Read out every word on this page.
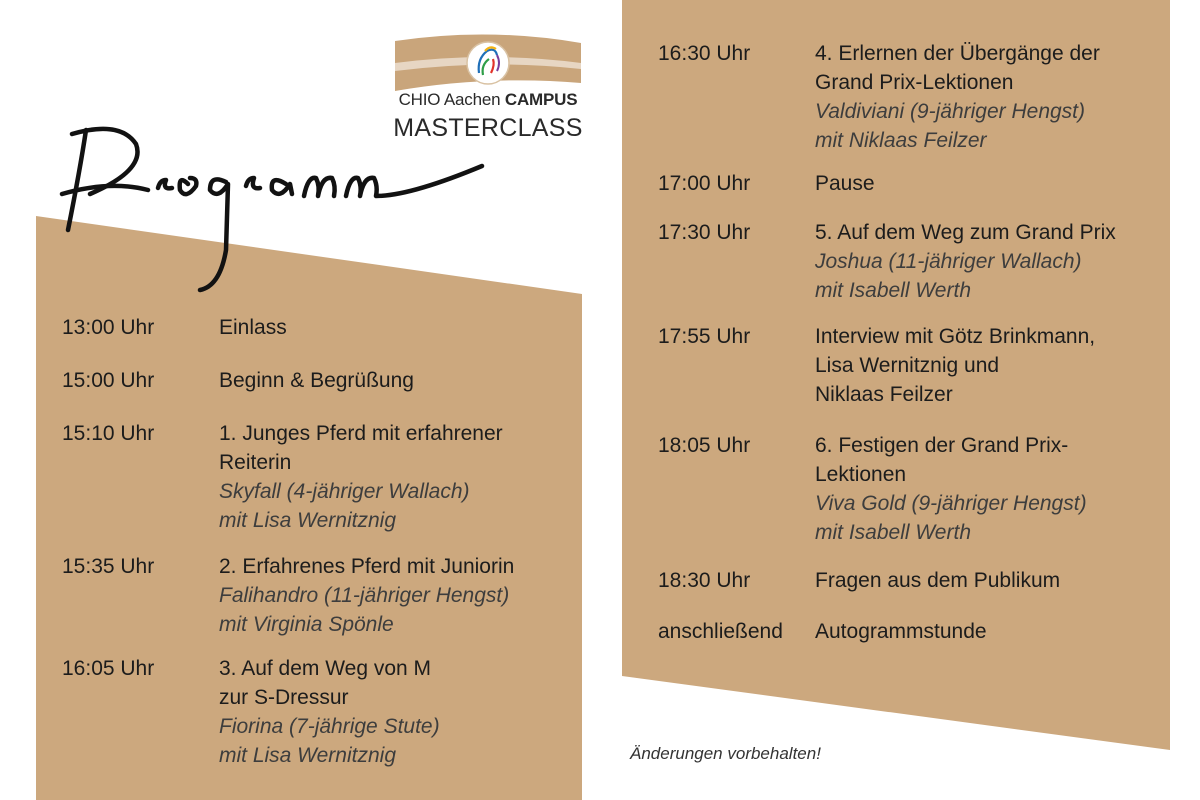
CHIO Aachen CAMPUS
MASTERCLASS
Programm
13:00 Uhr	Einlass
15:00 Uhr	Beginn & Begrüßung
15:10 Uhr	1. Junges Pferd mit erfahrener
Reiterin
Skyfall (4-jähriger Wallach)
mit Lisa Wernitznig
15:35 Uhr	2. Erfahrenes Pferd mit Juniorin
Falihandro (11-jähriger Hengst)
mit Virginia Spönle
16:05 Uhr	3. Auf dem Weg von M
zur S-Dressur
Fiorina (7-jährige Stute)
mit Lisa Wernitznig
16:30 Uhr	4. Erlernen der Übergänge der
Grand Prix-Lektionen
Valdiviani (9-jähriger Hengst)
mit Niklaas Feilzer
17:00 Uhr	Pause
17:30 Uhr	5. Auf dem Weg zum Grand Prix
Joshua (11-jähriger Wallach)
mit Isabell Werth
17:55 Uhr	Interview mit Götz Brinkmann,
Lisa Wernitznig und
Niklaas Feilzer
18:05 Uhr	6. Festigen der Grand Prix-
Lektionen
Viva Gold (9-jähriger Hengst)
mit Isabell Werth
18:30 Uhr	Fragen aus dem Publikum
anschließend Autogrammstunde
Änderungen vorbehalten!
